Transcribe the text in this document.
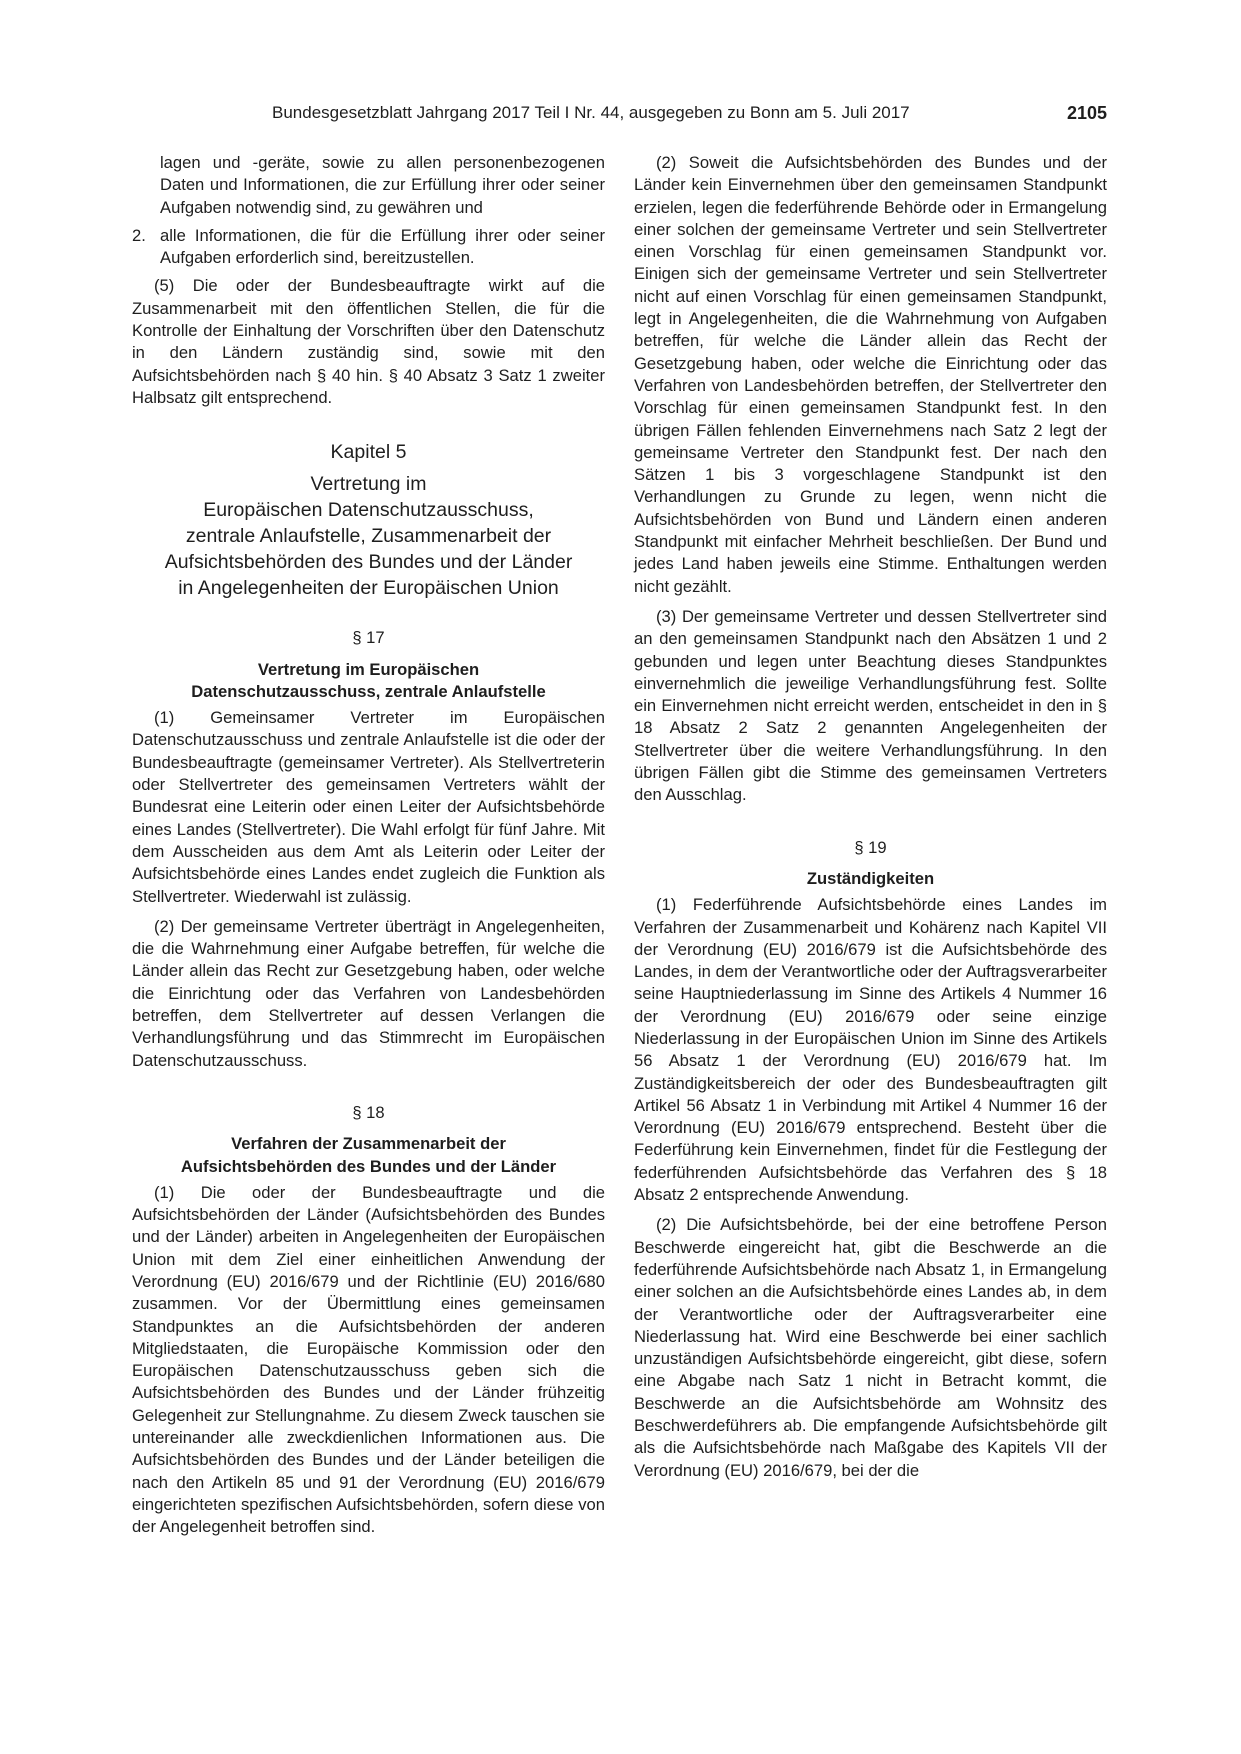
Bundesgesetzblatt Jahrgang 2017 Teil I Nr. 44, ausgegeben zu Bonn am 5. Juli 2017	2105

lagen und -geräte, sowie zu allen personenbezogenen Daten und Informationen, die zur Erfüllung ihrer oder seiner Aufgaben notwendig sind, zu gewähren und

2. alle Informationen, die für die Erfüllung ihrer oder seiner Aufgaben erforderlich sind, bereitzustellen.

(5) Die oder der Bundesbeauftragte wirkt auf die Zusammenarbeit mit den öffentlichen Stellen, die für die Kontrolle der Einhaltung der Vorschriften über den Datenschutz in den Ländern zuständig sind, sowie mit den Aufsichtsbehörden nach § 40 hin. § 40 Absatz 3 Satz 1 zweiter Halbsatz gilt entsprechend.

Kapitel 5
Vertretung im
Europäischen Datenschutzausschuss,
zentrale Anlaufstelle, Zusammenarbeit der
Aufsichtsbehörden des Bundes und der Länder
in Angelegenheiten der Europäischen Union
§ 17
Vertretung im Europäischen
Datenschutzausschuss, zentrale Anlaufstelle

(1) Gemeinsamer Vertreter im Europäischen Datenschutzausschuss und zentrale Anlaufstelle ist die oder der Bundesbeauftragte (gemeinsamer Vertreter). Als Stellvertreterin oder Stellvertreter des gemeinsamen Vertreters wählt der Bundesrat eine Leiterin oder einen Leiter der Aufsichtsbehörde eines Landes (Stellvertreter). Die Wahl erfolgt für fünf Jahre. Mit dem Ausscheiden aus dem Amt als Leiterin oder Leiter der Aufsichtsbehörde eines Landes endet zugleich die Funktion als Stellvertreter. Wiederwahl ist zulässig.

(2) Der gemeinsame Vertreter überträgt in Angelegenheiten, die die Wahrnehmung einer Aufgabe betreffen, für welche die Länder allein das Recht zur Gesetzgebung haben, oder welche die Einrichtung oder das Verfahren von Landesbehörden betreffen, dem Stellvertreter auf dessen Verlangen die Verhandlungsführung und das Stimmrecht im Europäischen Datenschutzausschuss.

§ 18
Verfahren der Zusammenarbeit der
Aufsichtsbehörden des Bundes und der Länder

(1) Die oder der Bundesbeauftragte und die Aufsichtsbehörden der Länder (Aufsichtsbehörden des Bundes und der Länder) arbeiten in Angelegenheiten der Europäischen Union mit dem Ziel einer einheitlichen Anwendung der Verordnung (EU) 2016/679 und der Richtlinie (EU) 2016/680 zusammen. Vor der Übermittlung eines gemeinsamen Standpunktes an die Aufsichtsbehörden der anderen Mitgliedstaaten, die Europäische Kommission oder den Europäischen Datenschutzausschuss geben sich die Aufsichtsbehörden des Bundes und der Länder frühzeitig Gelegenheit zur Stellungnahme. Zu diesem Zweck tauschen sie untereinander alle zweckdienlichen Informationen aus. Die Aufsichtsbehörden des Bundes und der Länder beteiligen die nach den Artikeln 85 und 91 der Verordnung (EU) 2016/679 eingerichteten spezifischen Aufsichtsbehörden, sofern diese von der Angelegenheit betroffen sind.

(2) Soweit die Aufsichtsbehörden des Bundes und der Länder kein Einvernehmen über den gemeinsamen Standpunkt erzielen, legen die federführende Behörde oder in Ermangelung einer solchen der gemeinsame Vertreter und sein Stellvertreter einen Vorschlag für einen gemeinsamen Standpunkt vor. Einigen sich der gemeinsame Vertreter und sein Stellvertreter nicht auf einen Vorschlag für einen gemeinsamen Standpunkt, legt in Angelegenheiten, die die Wahrnehmung von Aufgaben betreffen, für welche die Länder allein das Recht der Gesetzgebung haben, oder welche die Einrichtung oder das Verfahren von Landesbehörden betreffen, der Stellvertreter den Vorschlag für einen gemeinsamen Standpunkt fest. In den übrigen Fällen fehlenden Einvernehmens nach Satz 2 legt der gemeinsame Vertreter den Standpunkt fest. Der nach den Sätzen 1 bis 3 vorgeschlagene Standpunkt ist den Verhandlungen zu Grunde zu legen, wenn nicht die Aufsichtsbehörden von Bund und Ländern einen anderen Standpunkt mit einfacher Mehrheit beschließen. Der Bund und jedes Land haben jeweils eine Stimme. Enthaltungen werden nicht gezählt.

(3) Der gemeinsame Vertreter und dessen Stellvertreter sind an den gemeinsamen Standpunkt nach den Absätzen 1 und 2 gebunden und legen unter Beachtung dieses Standpunktes einvernehmlich die jeweilige Verhandlungsführung fest. Sollte ein Einvernehmen nicht erreicht werden, entscheidet in den in § 18 Absatz 2 Satz 2 genannten Angelegenheiten der Stellvertreter über die weitere Verhandlungsführung. In den übrigen Fällen gibt die Stimme des gemeinsamen Vertreters den Ausschlag.

§ 19
Zuständigkeiten

(1) Federführende Aufsichtsbehörde eines Landes im Verfahren der Zusammenarbeit und Kohärenz nach Kapitel VII der Verordnung (EU) 2016/679 ist die Aufsichtsbehörde des Landes, in dem der Verantwortliche oder der Auftragsverarbeiter seine Hauptniederlassung im Sinne des Artikels 4 Nummer 16 der Verordnung (EU) 2016/679 oder seine einzige Niederlassung in der Europäischen Union im Sinne des Artikels 56 Absatz 1 der Verordnung (EU) 2016/679 hat. Im Zuständigkeitsbereich der oder des Bundesbeauftragten gilt Artikel 56 Absatz 1 in Verbindung mit Artikel 4 Nummer 16 der Verordnung (EU) 2016/679 entsprechend. Besteht über die Federführung kein Einvernehmen, findet für die Festlegung der federführenden Aufsichtsbehörde das Verfahren des § 18 Absatz 2 entsprechende Anwendung.

(2) Die Aufsichtsbehörde, bei der eine betroffene Person Beschwerde eingereicht hat, gibt die Beschwerde an die federführende Aufsichtsbehörde nach Absatz 1, in Ermangelung einer solchen an die Aufsichtsbehörde eines Landes ab, in dem der Verantwortliche oder der Auftragsverarbeiter eine Niederlassung hat. Wird eine Beschwerde bei einer sachlich unzuständigen Aufsichtsbehörde eingereicht, gibt diese, sofern eine Abgabe nach Satz 1 nicht in Betracht kommt, die Beschwerde an die Aufsichtsbehörde am Wohnsitz des Beschwerdeführers ab. Die empfangende Aufsichtsbehörde gilt als die Aufsichtsbehörde nach Maßgabe des Kapitels VII der Verordnung (EU) 2016/679, bei der die
